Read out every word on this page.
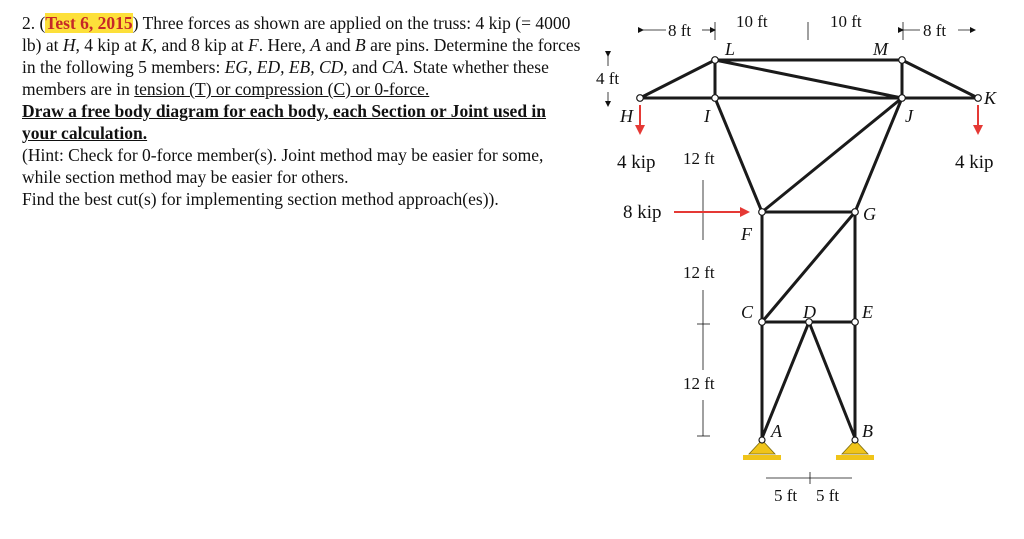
2. (Test 6, 2015) Three forces as shown are applied on the truss: 4 kip (= 4000 lb) at H, 4 kip at K, and 8 kip at F. Here, A and B are pins. Determine the forces in the following 5 members: EG, ED, EB, CD, and CA. State whether these members are in tension (T) or compression (C) or 0-force.

Draw a free body diagram for each body, each Section or Joint used in your calculation.

(Hint: Check for 0-force member(s). Joint method may be easier for some, while section method may be easier for others.

Find the best cut(s) for implementing section method approach(es)).

L	M
H	I	J
K
F
G
C	D	E
A	B
8 ft	10 ft	10 ft	8 ft
4 ft
12 ft
12 ft
12 ft
5 ft 5 ft
4 kip	4 kip
8 kip
